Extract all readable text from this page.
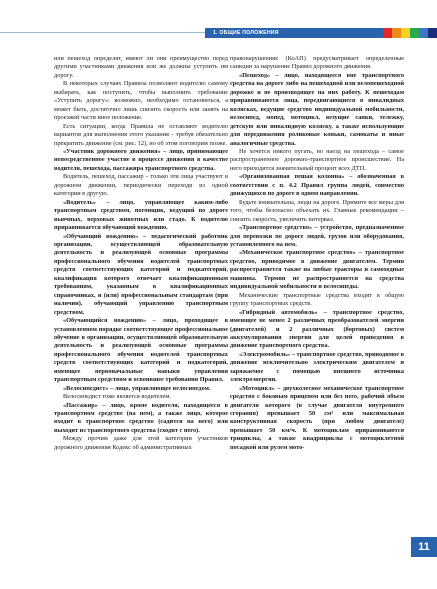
1. ОБЩИЕ ПОЛОЖЕНИЯ

или пешеход определят, имеют ли они преимущество перед другими участниками движения или же должны уступить им дорогу.

В некоторых случаях Правила позволяют водителю самому выбирать, как поступить, чтобы выполнить требование «Уступить дорогу»: возможно, необходимо остановиться, а может быть, достаточно лишь снизить скорость или занять на проезжей части иное положение.

Есть ситуации, когда Правила не оставляют водителю вариантов для выполнения этого указания – требуя обязательно прекратить движение (см. рис. 12), но об этом поговорим позже.

«Участник дорожного движения» – лицо, принимающее непосредственное участие в процессе движения в качестве водителя, пешехода, пассажира транспортного средства.

Водитель, пешеход, пассажир – только эти лица участвуют в дорожном движении, периодически переходя из одной категории в другую.

«Водитель» – лицо, управляющее каким-либо транспортным средством, погонщик, ведущий по дороге вьючных, верховых животных или стадо. К водителю приравнивается обучающий вождению.

«Обучающий вождению» – педагогический работник организации, осуществляющей образовательную деятельность и реализующей основные программы профессионального обучения водителей транспортных средств соответствующих категорий и подкатегорий, квалификация которого отвечает квалификационным требованиям, указанным в квалификационных справочниках, и (или) профессиональным стандартам (при наличии), обучающий управлению транспортным средством.

«Обучающийся вождению» – лицо, проходящее в установленном порядке соответствующее профессиональное обучение в организации, осуществляющей образовательную деятельность и реализующей основные программы профессионального обучения водителей транспортных средств соответствующих категорий и подкатегорий, имеющее первоначальные навыки управления транспортным средством и освоившее требования Правил.

«Велосипедист» – лицо, управляющее велосипедом.

Велосипедист тоже является водителем.

«Пассажир» – лицо, кроме водителя, находящееся в транспортном средстве (на нем), а также лицо, которое входит в транспортное средство (садится на него) или выходит из транспортного средства (сходит с него).

Между прочим даже для этой категории участников дорожного движения Кодекс об административных

правонарушениях (КоАП) предусматривает определенные санкции за нарушение Правил дорожного движения.

«Пешеход» – лицо, находящееся вне транспортного средства на дороге либо на пешеходной или велопешеходной дорожке и не производящее на них работу. К пешеходам приравниваются лица, передвигающиеся в инвалидных колясках, ведущие средство индивидуальной мобильности, велосипед, мопед, мотоцикл, везущие санки, тележку, детскую или инвалидную коляску, а также использующие для передвижения роликовые коньки, самокаты и иные аналогичные средства.

Не хочется никого пугать, но наезд на пешехода – самое распространенное дорожно-транспортное происшествие. На него приходится значительный процент всех ДТП.

«Организованная пешая колонна» – обозначенная в соответствии с п. 4.2 Правил группа людей, совместно движущихся по дороге в одном направлении.

Будьте внимательны, люди на дороге. Примите все меры для того, чтобы безопасно объехать их. Главные рекомендации – снизить скорость, увеличить интервал.

«Транспортное средство» – устройство, предназначенное для перевозки по дороге людей, грузов или оборудования, установленного на нем.

«Механическое транспортное средство» – транспортное средство, приводимое в движение двигателем. Термин распространяется также на любые тракторы и самоходные машины. Термин не распространяется на средства индивидуальной мобильности и велосипеды.

Механические транспортные средства входят в общую группу транспортных средств.

«Гибридный автомобиль» – транспортное средство, имеющее не менее 2 различных преобразователей энергии (двигателей) и 2 различных (бортовых) систем аккумулирования энергии для целей приведения в движение транспортного средства.

«Электромобиль» – транспортное средство, приводимое в движение исключительно электрическим двигателем и заряжаемое с помощью внешнего источника электроэнергии.

«Мотоцикл» – двухколесное механическое транспортное средство с боковым прицепом или без него, рабочий объем двигателя которого (в случае двигателя внутреннего сгорания) превышает 50 см³ или максимальная конструктивная скорость (при любом двигателе) превышает 50 км/ч. К мотоциклам приравниваются трициклы, а также квадрициклы с мотоциклетной посадкой или рулем мото-

11
